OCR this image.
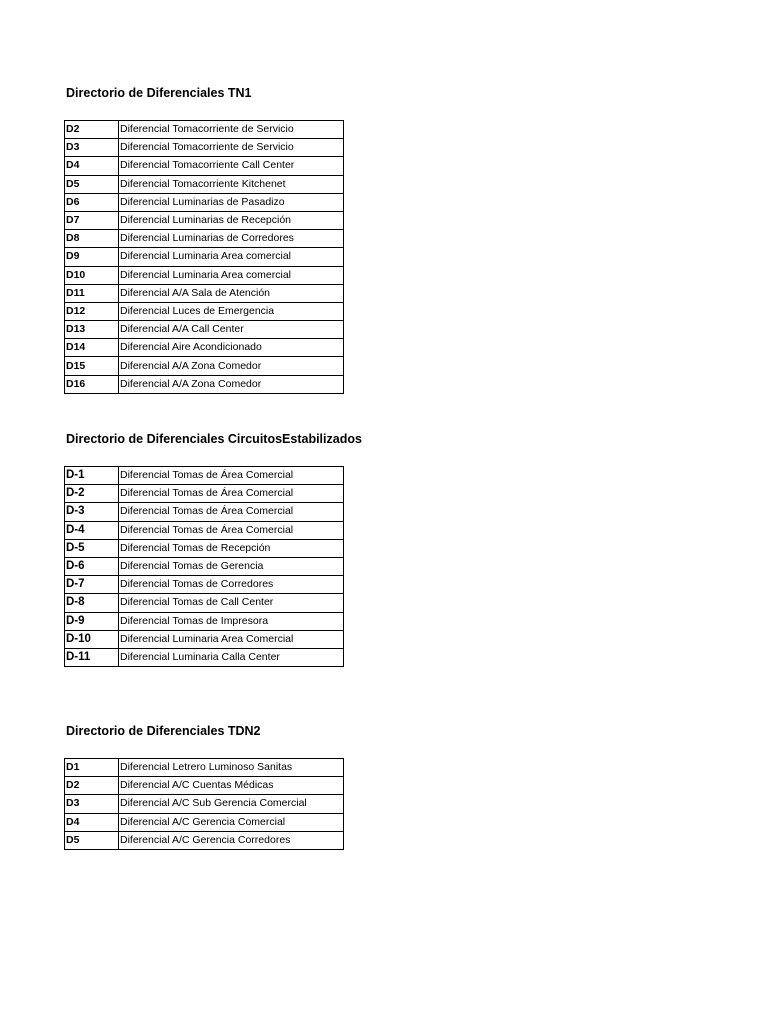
Directorio de Diferenciales TN1
D2	Diferencial Tomacorriente de Servicio
D3	Diferencial Tomacorriente de Servicio
D4	Diferencial Tomacorriente Call Center
D5	Diferencial Tomacorriente Kitchenet
D6	Diferencial Luminarias de Pasadizo
D7	Diferencial Luminarias de Recepción
D8	Diferencial Luminarias de Corredores
D9	Diferencial Luminaria Area comercial
D10	Diferencial Luminaria Area comercial
D11	Diferencial A/A Sala de Atención
D12	Diferencial Luces de Emergencia
D13	Diferencial A/A Call Center
D14	Diferencial Aire Acondicionado
D15	Diferencial A/A Zona Comedor
D16	Diferencial A/A Zona Comedor
Directorio de Diferenciales CircuitosEstabilizados
D-1	Diferencial Tomas de Área Comercial
D-2	Diferencial Tomas de Área Comercial
D-3	Diferencial Tomas de Área Comercial
D-4	Diferencial Tomas de Área Comercial
D-5	Diferencial Tomas de Recepción
D-6	Diferencial Tomas de Gerencia
D-7	Diferencial Tomas de Corredores
D-8	Diferencial Tomas de Call Center
D-9	Diferencial Tomas de Impresora
D-10	Diferencial Luminaria Area Comercial
D-11	Diferencial Luminaria Calla Center
Directorio de Diferenciales TDN2
D1	Diferencial Letrero Luminoso Sanitas
D2	Diferencial A/C Cuentas Médicas
D3	Diferencial A/C Sub Gerencia Comercial
D4	Diferencial A/C Gerencia Comercial
D5	Diferencial A/C Gerencia Corredores
